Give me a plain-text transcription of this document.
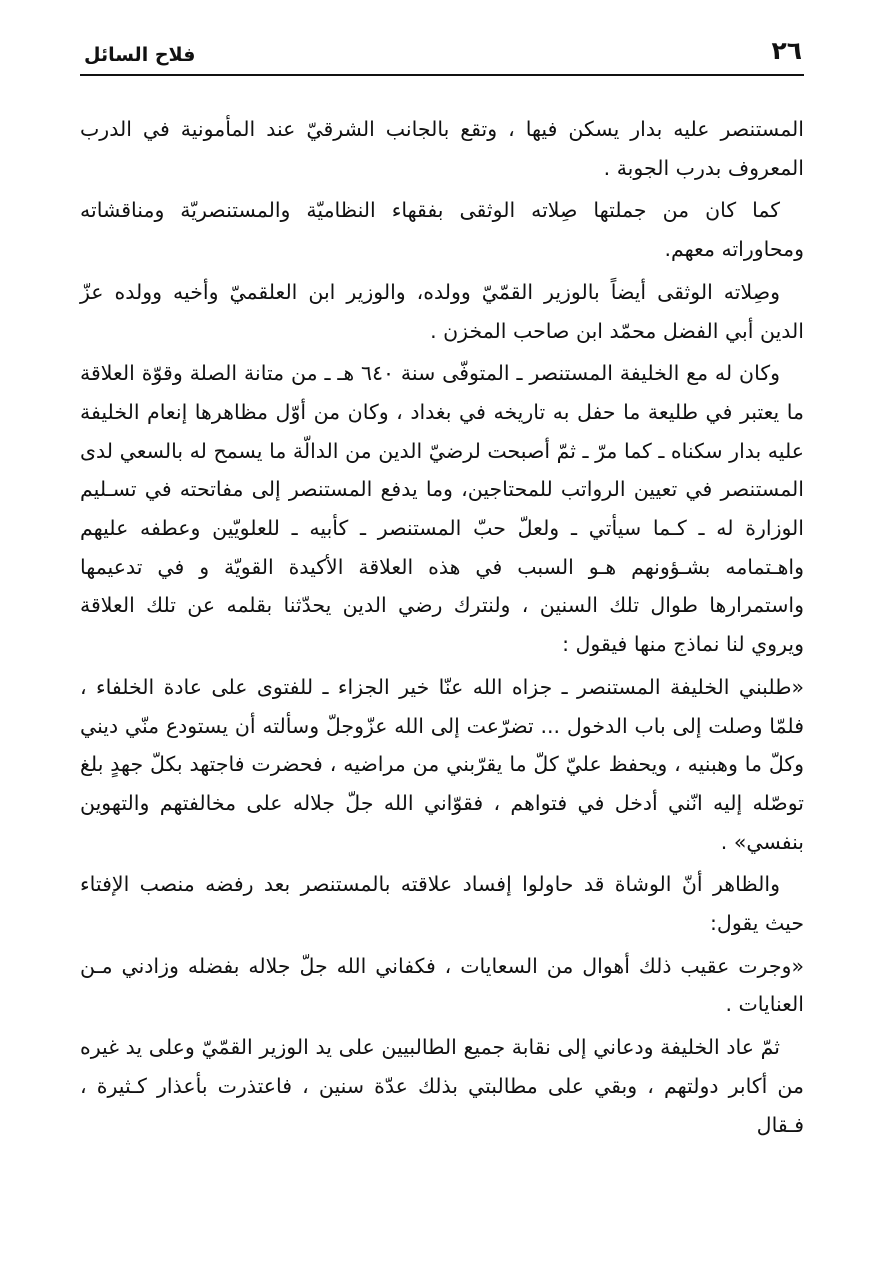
٢٦
فلاح السائل

المستنصر عليه بدار يسكن فيها ، وتقع بالجانب الشرقيّ عند المأمونية في الدرب المعروف بدرب الجوبة .

كما كان من جملتها صِلاته الوثقى بفقهاء النظاميّة والمستنصريّة ومناقشاته ومحاوراته معهم.

وصِلاته الوثقى أيضاً بالوزير القمّيّ وولده، والوزير ابن العلقميّ وأخيه وولده عزّ الدين أبي الفضل محمّد ابن صاحب المخزن .

وكان له مع الخليفة المستنصر ـ المتوفّى سنة ٦٤٠ هـ ـ من متانة الصلة وقوّة العلاقة ما يعتبر في طليعة ما حفل به تاريخه في بغداد ، وكان من أوّل مظاهرها إنعام الخليفة عليه بدار سكناه ـ كما مرّ ـ ثمّ أصبحت لرضيّ الدين من الدالّة ما يسمح له بالسعي لدى المستنصر في تعيين الرواتب للمحتاجين، وما يدفع المستنصر إلى مفاتحته في تسـليم الوزارة له ـ كـما سيأتي ـ ولعلّ حبّ المستنصر ـ كأبيه ـ للعلويّين وعطفه عليهم واهـتمامه بشـؤونهم هـو السبب في هذه العلاقة الأكيدة القويّة و في تدعيمها واستمرارها طوال تلك السنين ، ولنترك رضي الدين يحدّثنا بقلمه عن تلك العلاقة ويروي لنا نماذج منها فيقول :

«طلبني الخليفة المستنصر ـ جزاه الله عنّا خير الجزاء ـ للفتوى على عادة الخلفاء ، فلمّا وصلت إلى باب الدخول ... تضرّعت إلى الله عزّوجلّ وسألته أن يستودع منّي ديني وكلّ ما وهبنيه ، ويحفظ عليّ كلّ ما يقرّبني من مراضيه ، فحضرت فاجتهد بكلّ جهدٍ بلغ توصّله إليه انّني أدخل في فتواهم ، فقوّاني الله جلّ جلاله على مخالفتهم والتهوين بنفسي» .

والظاهر أنّ الوشاة قد حاولوا إفساد علاقته بالمستنصر بعد رفضه منصب الإفتاء حيث يقول:

«وجرت عقيب ذلك أهوال من السعايات ، فكفاني الله جلّ جلاله بفضله وزادني مـن العنايات .

ثمّ عاد الخليفة ودعاني إلى نقابة جميع الطالبيين على يد الوزير القمّيّ وعلى يد غيره من أكابر دولتهم ، وبقي على مطالبتي بذلك عدّة سنين ، فاعتذرت بأعذار كـثيرة ، فـقال
